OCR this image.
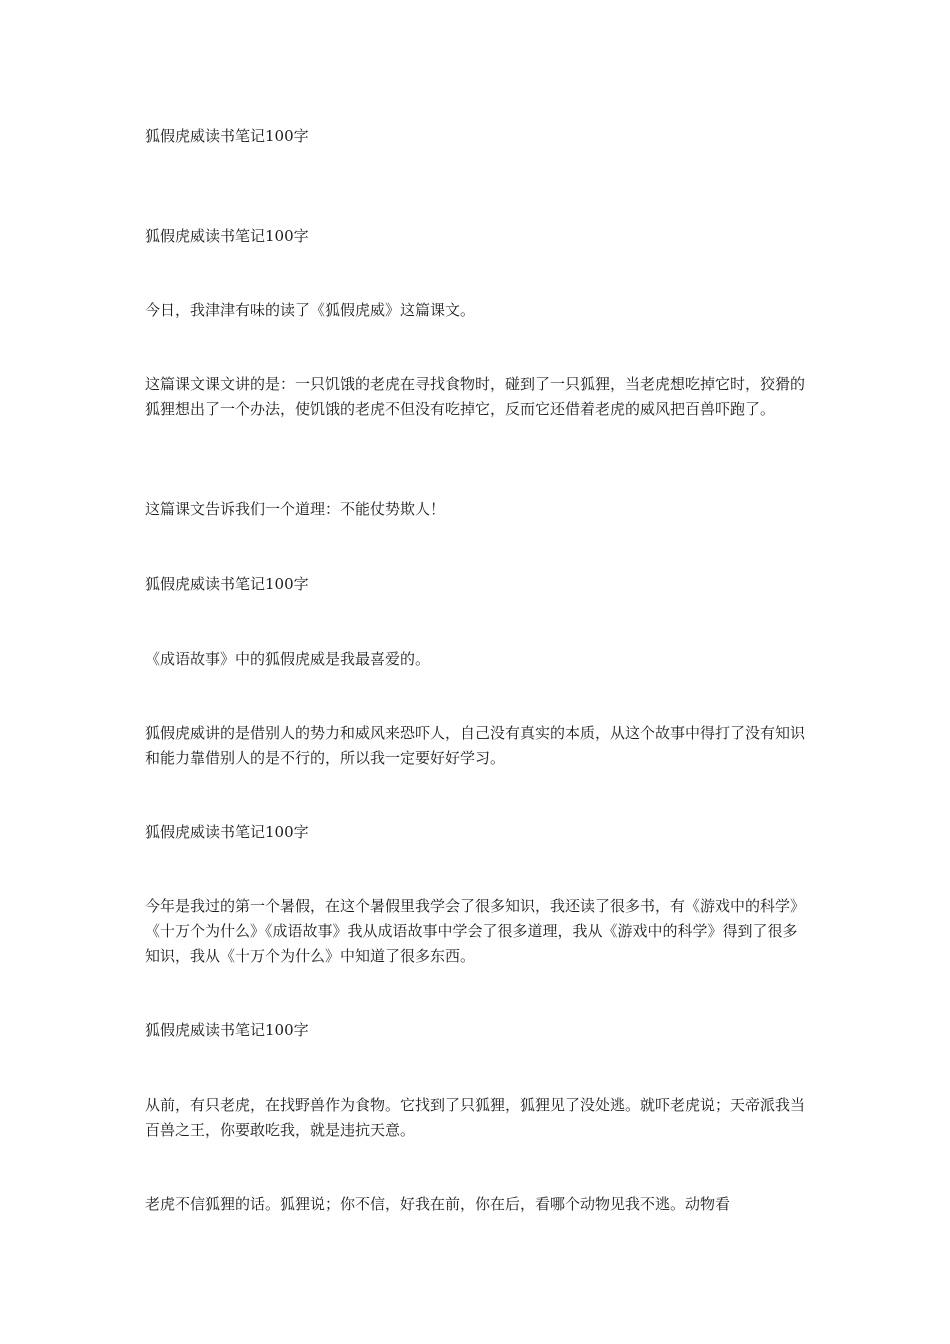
狐假虎威读书笔记100字

狐假虎威读书笔记100字

今日，我津津有味的读了《狐假虎威》这篇课文。

这篇课文课文讲的是：一只饥饿的老虎在寻找食物时，碰到了一只狐狸，当老虎想吃掉它时，狡猾的狐狸想出了一个办法，使饥饿的老虎不但没有吃掉它，反而它还借着老虎的威风把百兽吓跑了。

这篇课文告诉我们一个道理：不能仗势欺人！

狐假虎威读书笔记100字

《成语故事》中的狐假虎威是我最喜爱的。

狐假虎威讲的是借别人的势力和威风来恐吓人，自己没有真实的本质，从这个故事中得打了没有知识和能力靠借别人的是不行的，所以我一定要好好学习。

狐假虎威读书笔记100字

今年是我过的第一个暑假，在这个暑假里我学会了很多知识，我还读了很多书，有《游戏中的科学》《十万个为什么》《成语故事》我从成语故事中学会了很多道理，我从《游戏中的科学》得到了很多知识，我从《十万个为什么》中知道了很多东西。

狐假虎威读书笔记100字

从前，有只老虎，在找野兽作为食物。它找到了只狐狸，狐狸见了没处逃。就吓老虎说；天帝派我当百兽之王，你要敢吃我，就是违抗天意。

老虎不信狐狸的话。狐狸说；你不信，好我在前，你在后，看哪个动物见我不逃。动物看
